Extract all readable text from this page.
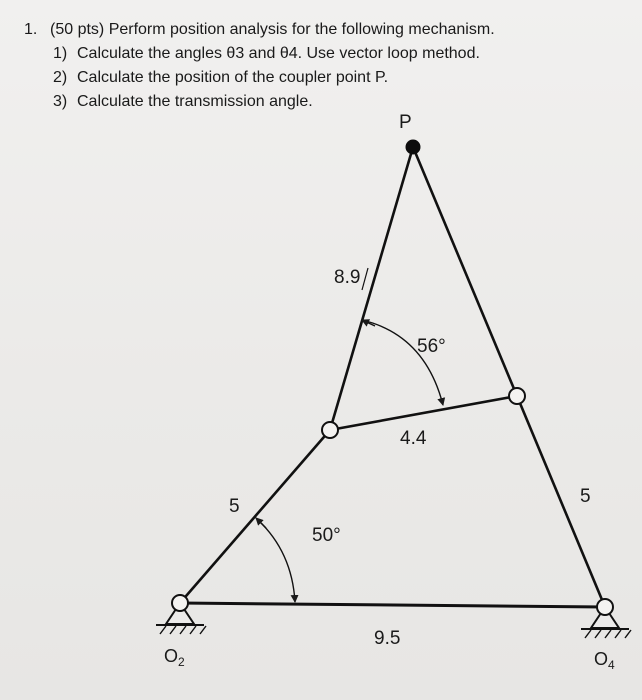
1. (50 pts) Perform position analysis for the following mechanism.
1) Calculate the angles θ3 and θ4. Use vector loop method.
2) Calculate the position of the coupler point P.
3) Calculate the transmission angle.
P
8.9
56°
4.4
5	5
50°
9.5
$O_2$	$O_4$
